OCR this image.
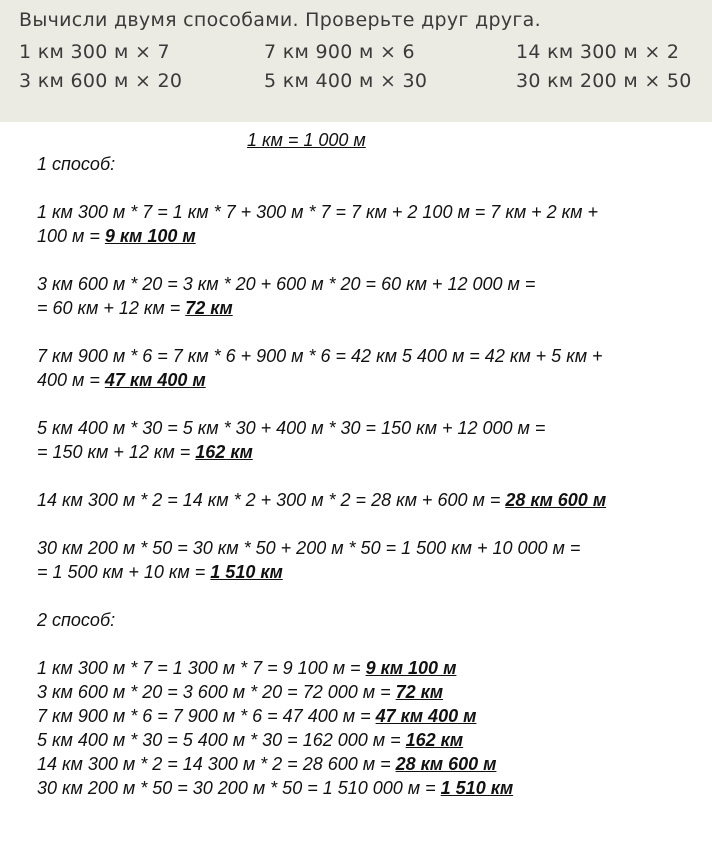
Вычисли двумя способами. Проверьте друг друга.
1 км 300 м × 7	7 км 900 м × 6	14 км 300 м × 2
3 км 600 м × 20	5 км 400 м × 30	30 км 200 м × 50
1 км = 1 000 м
1 способ:
1 км 300 м * 7 = 1 км * 7 + 300 м * 7 = 7 км + 2 100 м = 7 км + 2 км +
100 м = 9 км 100 м
3 км 600 м * 20 = 3 км * 20 + 600 м * 20 = 60 км + 12 000 м =
= 60 км + 12 км = 72 км
7 км 900 м * 6 = 7 км * 6 + 900 м * 6 = 42 км 5 400 м = 42 км + 5 км +
400 м = 47 км 400 м
5 км 400 м * 30 = 5 км * 30 + 400 м * 30 = 150 км + 12 000 м =
= 150 км + 12 км = 162 км
14 км 300 м * 2 = 14 км * 2 + 300 м * 2 = 28 км + 600 м = 28 км 600 м
30 км 200 м * 50 = 30 км * 50 + 200 м * 50 = 1 500 км + 10 000 м =
= 1 500 км + 10 км = 1 510 км
2 способ:
1 км 300 м * 7 = 1 300 м * 7 = 9 100 м = 9 км 100 м
3 км 600 м * 20 = 3 600 м * 20 = 72 000 м = 72 км
7 км 900 м * 6 = 7 900 м * 6 = 47 400 м = 47 км 400 м
5 км 400 м * 30 = 5 400 м * 30 = 162 000 м = 162 км
14 км 300 м * 2 = 14 300 м * 2 = 28 600 м = 28 км 600 м
30 км 200 м * 50 = 30 200 м * 50 = 1 510 000 м = 1 510 км
